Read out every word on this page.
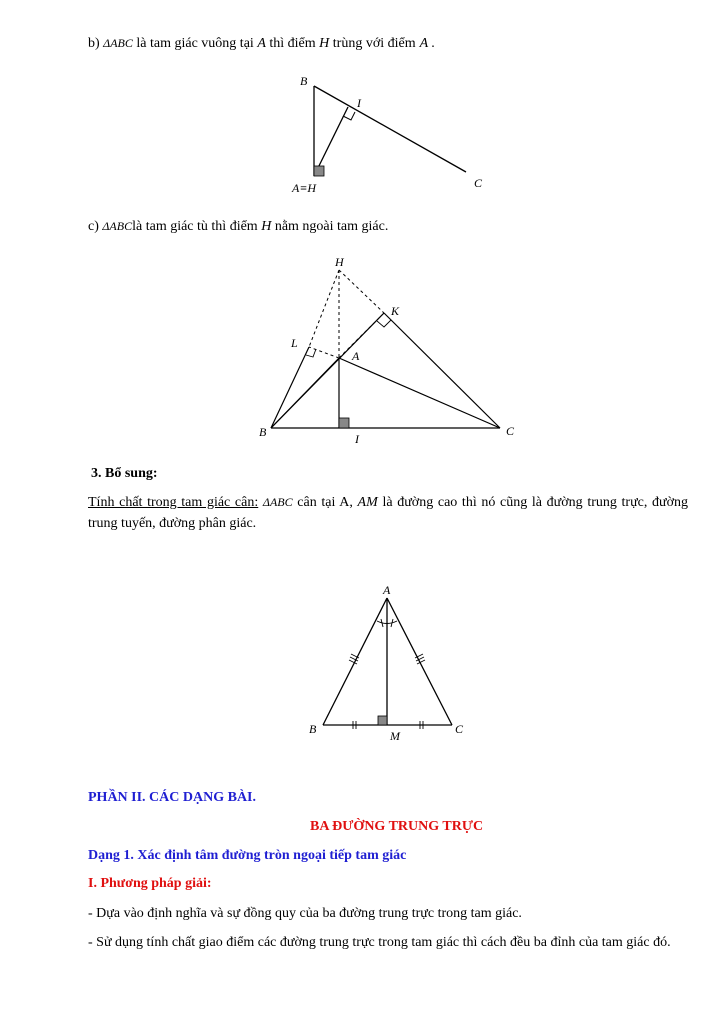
b) ΔABC là tam giác vuông tại A thì điểm H trùng với điểm A .
B
I
A≡H	C
c) ΔABClà tam giác tù thì điểm H nằm ngoài tam giác.
H
K
L
A
B	C
I
3. Bổ sung:
Tính chất trong tam giác cân: ΔABC cân tại A, AM là đường cao thì nó cũng là đường trung trực, đường trung tuyến, đường phân giác.
A
B	C
M
PHẦN II. CÁC DẠNG BÀI.
BA ĐƯỜNG TRUNG TRỰC
Dạng 1. Xác định tâm đường tròn ngoại tiếp tam giác
I. Phương pháp giải:
- Dựa vào định nghĩa và sự đồng quy của ba đường trung trực trong tam giác.
- Sử dụng tính chất giao điểm các đường trung trực trong tam giác thì cách đều ba đỉnh của tam giác đó.
